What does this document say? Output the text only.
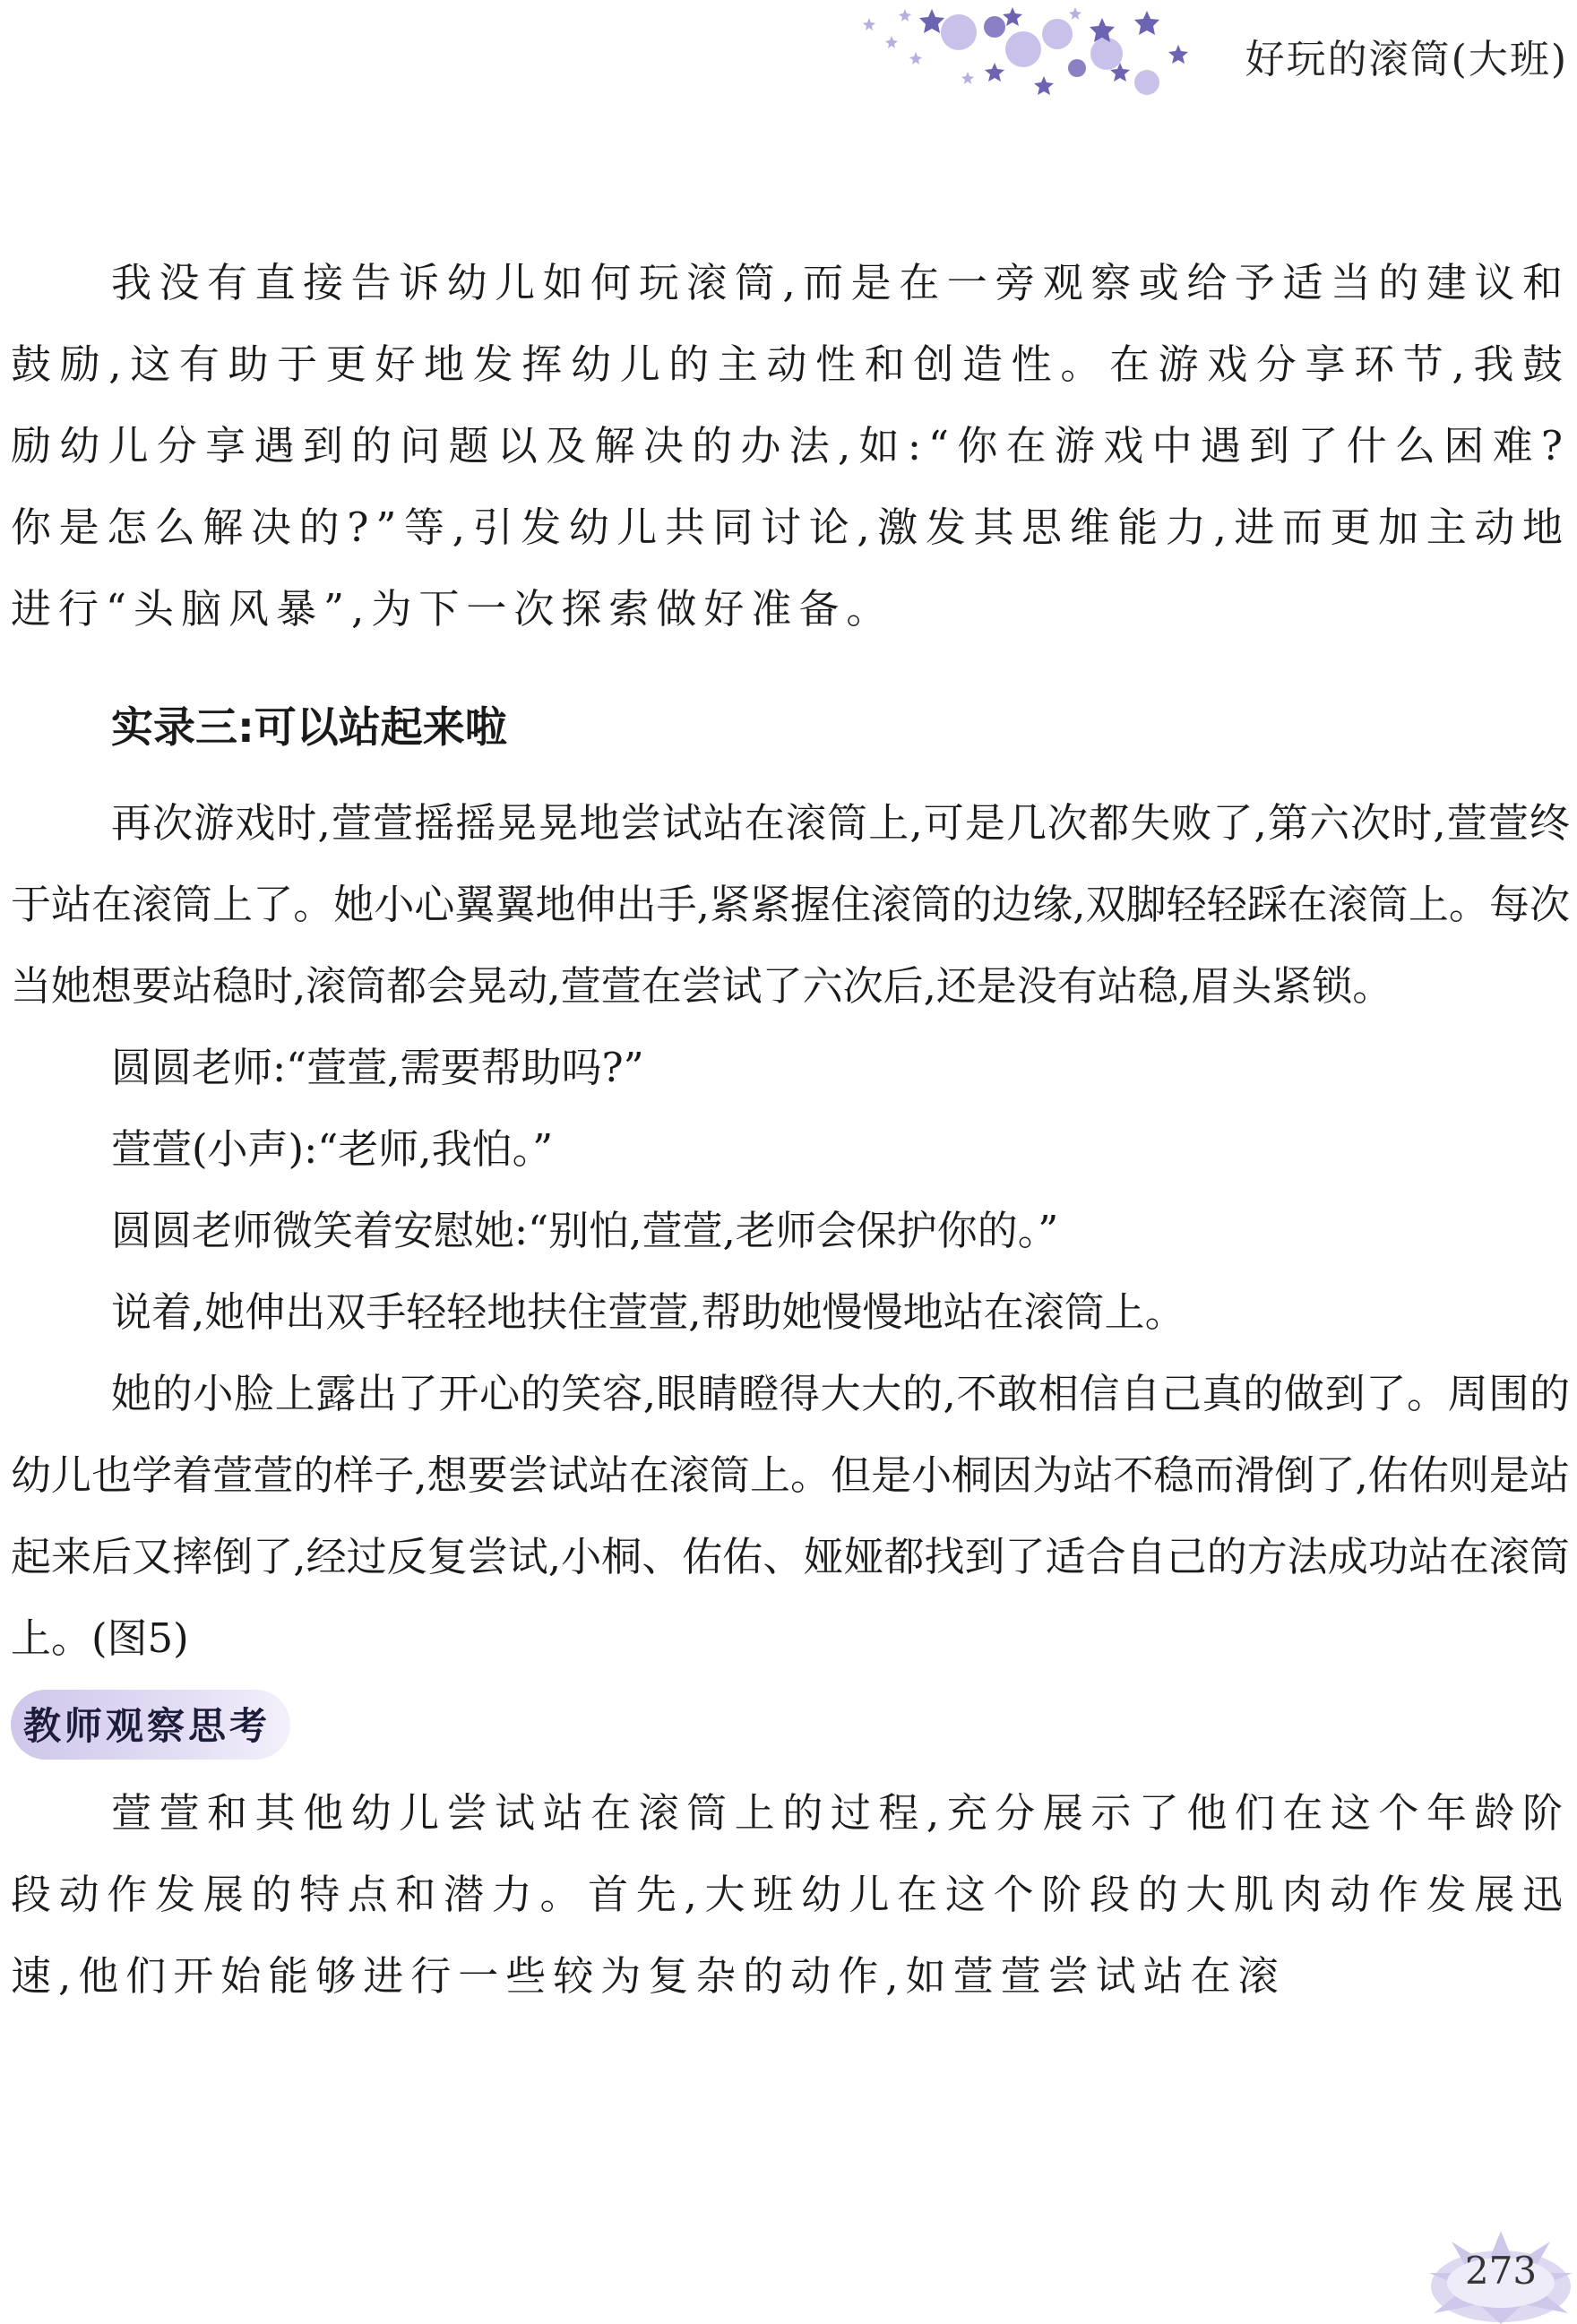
好玩的滚筒(大班)

我没有直接告诉幼儿如何玩滚筒,而是在一旁观察或给予适当的建议和鼓励,这有助于更好地发挥幼儿的主动性和创造性。在游戏分享环节,我鼓励幼儿分享遇到的问题以及解决的办法,如:“你在游戏中遇到了什么困难?你是怎么解决的?”等,引发幼儿共同讨论,激发其思维能力,进而更加主动地进行“头脑风暴”,为下一次探索做好准备。

实录三:可以站起来啦

再次游戏时,萱萱摇摇晃晃地尝试站在滚筒上,可是几次都失败了,第六次时,萱萱终于站在滚筒上了。她小心翼翼地伸出手,紧紧握住滚筒的边缘,双脚轻轻踩在滚筒上。每次当她想要站稳时,滚筒都会晃动,萱萱在尝试了六次后,还是没有站稳,眉头紧锁。

圆圆老师:“萱萱,需要帮助吗?”

萱萱(小声):“老师,我怕。”

圆圆老师微笑着安慰她:“别怕,萱萱,老师会保护你的。”

说着,她伸出双手轻轻地扶住萱萱,帮助她慢慢地站在滚筒上。

她的小脸上露出了开心的笑容,眼睛瞪得大大的,不敢相信自己真的做到了。周围的幼儿也学着萱萱的样子,想要尝试站在滚筒上。但是小桐因为站不稳而滑倒了,佑佑则是站起来后又摔倒了,经过反复尝试,小桐、佑佑、娅娅都找到了适合自己的方法成功站在滚筒上。(图5)

教师观察思考

萱萱和其他幼儿尝试站在滚筒上的过程,充分展示了他们在这个年龄阶段动作发展的特点和潜力。首先,大班幼儿在这个阶段的大肌肉动作发展迅速,他们开始能够进行一些较为复杂的动作,如萱萱尝试站在滚

273
